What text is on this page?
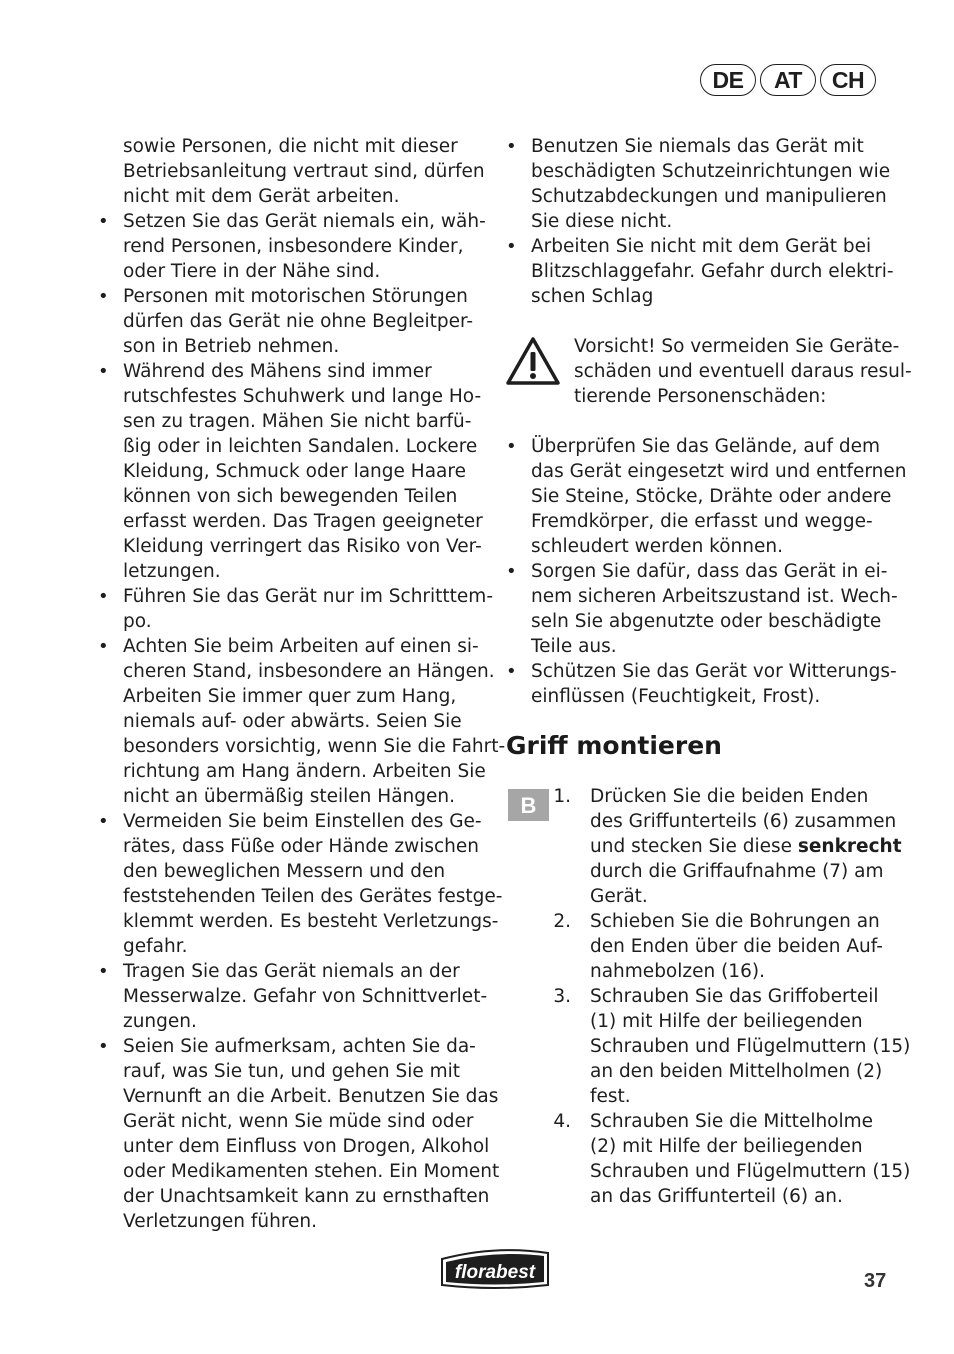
DE	AT	CH
sowie Personen, die nicht mit dieser
Betriebsanleitung vertraut sind, dürfen
nicht mit dem Gerät arbeiten.
• Setzen Sie das Gerät niemals ein, wäh-
rend Personen, insbesondere Kinder,
oder Tiere in der Nähe sind.
• Personen mit motorischen Störungen
dürfen das Gerät nie ohne Begleitper-
son in Betrieb nehmen.
• Während des Mähens sind immer
rutschfestes Schuhwerk und lange Ho-
sen zu tragen. Mähen Sie nicht barfü-
ßig oder in leichten Sandalen. Lockere
Kleidung, Schmuck oder lange Haare
können von sich bewegenden Teilen
erfasst werden. Das Tragen geeigneter
Kleidung verringert das Risiko von Ver-
letzungen.
• Führen Sie das Gerät nur im Schritttem-
po.
• Achten Sie beim Arbeiten auf einen si-
cheren Stand, insbesondere an Hängen.
Arbeiten Sie immer quer zum Hang,
niemals auf- oder abwärts. Seien Sie
besonders vorsichtig, wenn Sie die Fahrt-
richtung am Hang ändern. Arbeiten Sie
nicht an übermäßig steilen Hängen.
• Vermeiden Sie beim Einstellen des Ge-
rätes, dass Füße oder Hände zwischen
den beweglichen Messern und den
feststehenden Teilen des Gerätes festge-
klemmt werden. Es besteht Verletzungs-
gefahr.
• Tragen Sie das Gerät niemals an der
Messerwalze. Gefahr von Schnittverlet-
zungen.
• Seien Sie aufmerksam, achten Sie da-
rauf, was Sie tun, und gehen Sie mit
Vernunft an die Arbeit. Benutzen Sie das
Gerät nicht, wenn Sie müde sind oder
unter dem Einfluss von Drogen, Alkohol
oder Medikamenten stehen. Ein Moment
der Unachtsamkeit kann zu ernsthaften
Verletzungen führen.
• Benutzen Sie niemals das Gerät mit
beschädigten Schutzeinrichtungen wie
Schutzabdeckungen und manipulieren
Sie diese nicht.
• Arbeiten Sie nicht mit dem Gerät bei
Blitzschlaggefahr. Gefahr durch elektri-
schen Schlag
Vorsicht! So vermeiden Sie Geräte-
schäden und eventuell daraus resul-
tierende Personenschäden:
• Überprüfen Sie das Gelände, auf dem
das Gerät eingesetzt wird und entfernen
Sie Steine, Stöcke, Drähte oder andere
Fremdkörper, die erfasst und wegge-
schleudert werden können.
• Sorgen Sie dafür, dass das Gerät in ei-
nem sicheren Arbeitszustand ist. Wech-
seln Sie abgenutzte oder beschädigte
Teile aus.
• Schützen Sie das Gerät vor Witterungs-
einflüssen (Feuchtigkeit, Frost).
Griff montieren
B 1. Drücken Sie die beiden Enden
des Griffunterteils (6) zusammen
und stecken Sie diese senkrecht
durch die Griffaufnahme (7) am
Gerät.
2. Schieben Sie die Bohrungen an
den Enden über die beiden Auf-
nahmebolzen (16).
3. Schrauben Sie das Griffoberteil
(1) mit Hilfe der beiliegenden
Schrauben und Flügelmuttern (15)
an den beiden Mittelholmen (2)
fest.
4. Schrauben Sie die Mittelholme
(2) mit Hilfe der beiliegenden
Schrauben und Flügelmuttern (15)
an das Griffunterteil (6) an.
florabest	37
